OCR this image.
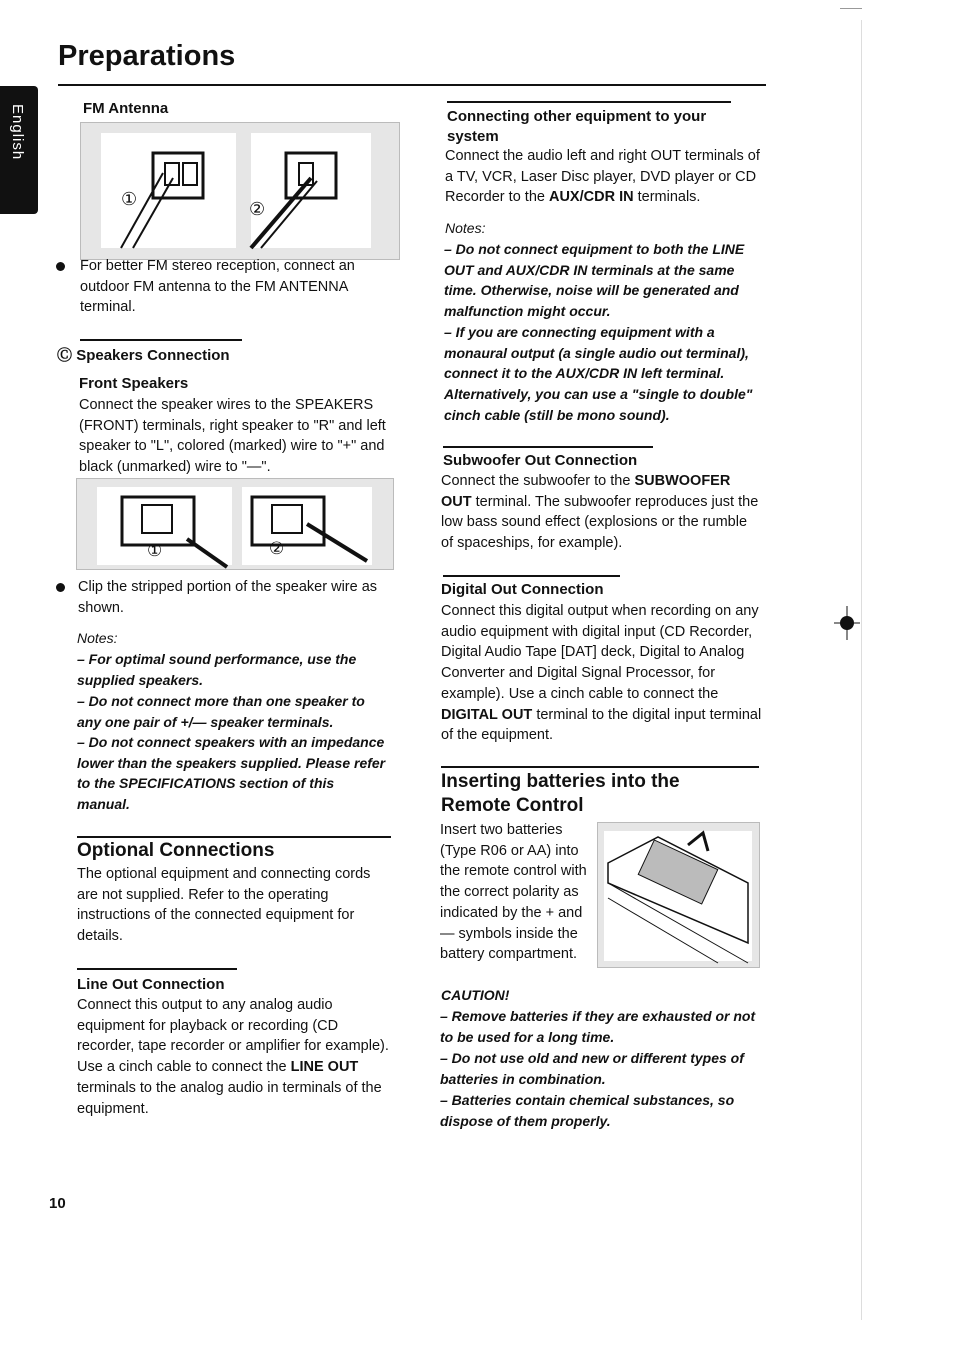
Preparations
English	FM Antenna
①	②

For better FM stereo reception, connect an outdoor FM antenna to the FM ANTENNA terminal.

Ⓒ Speakers Connection
Front Speakers

Connect the speaker wires to the SPEAKERS (FRONT) terminals, right speaker to "R" and left speaker to "L", colored (marked) wire to "+" and black (unmarked) wire to "—".

①	②

Clip the stripped portion of the speaker wire as shown.

Notes:

– For optimal sound performance, use the supplied speakers.

– Do not connect more than one speaker to any one pair of +/— speaker terminals.

– Do not connect speakers with an impedance lower than the speakers supplied. Please refer to the SPECIFICATIONS section of this manual.

Optional Connections

The optional equipment and connecting cords are not supplied. Refer to the operating instructions of the connected equipment for details.

Line Out Connection

Connect this output to any analog audio equipment for playback or recording (CD recorder, tape recorder or amplifier for example). Use a cinch cable to connect the LINE OUT terminals to the analog audio in terminals of the equipment.

10
Connecting other equipment to your system

Connect the audio left and right OUT terminals of a TV, VCR, Laser Disc player, DVD player or CD Recorder to the AUX/CDR IN terminals.

Notes:

– Do not connect equipment to both the LINE OUT and AUX/CDR IN terminals at the same time. Otherwise, noise will be generated and malfunction might occur.

– If you are connecting equipment with a monaural output (a single audio out terminal), connect it to the AUX/CDR IN left terminal. Alternatively, you can use a "single to double" cinch cable (still be mono sound).

Subwoofer Out Connection

Connect the subwoofer to the SUBWOOFER OUT terminal. The subwoofer reproduces just the low bass sound effect (explosions or the rumble of spaceships, for example).

Digital Out Connection

Connect this digital output when recording on any audio equipment with digital input (CD Recorder, Digital Audio Tape [DAT] deck, Digital to Analog Converter and Digital Signal Processor, for example). Use a cinch cable to connect the DIGITAL OUT terminal to the digital input terminal of the equipment.

Inserting batteries into the Remote Control

Insert two batteries (Type R06 or AA) into the remote control with the correct polarity as indicated by the + and — symbols inside the battery compartment.

CAUTION!

– Remove batteries if they are exhausted or not to be used for a long time.

– Do not use old and new or different types of batteries in combination.

– Batteries contain chemical substances, so dispose of them properly.
